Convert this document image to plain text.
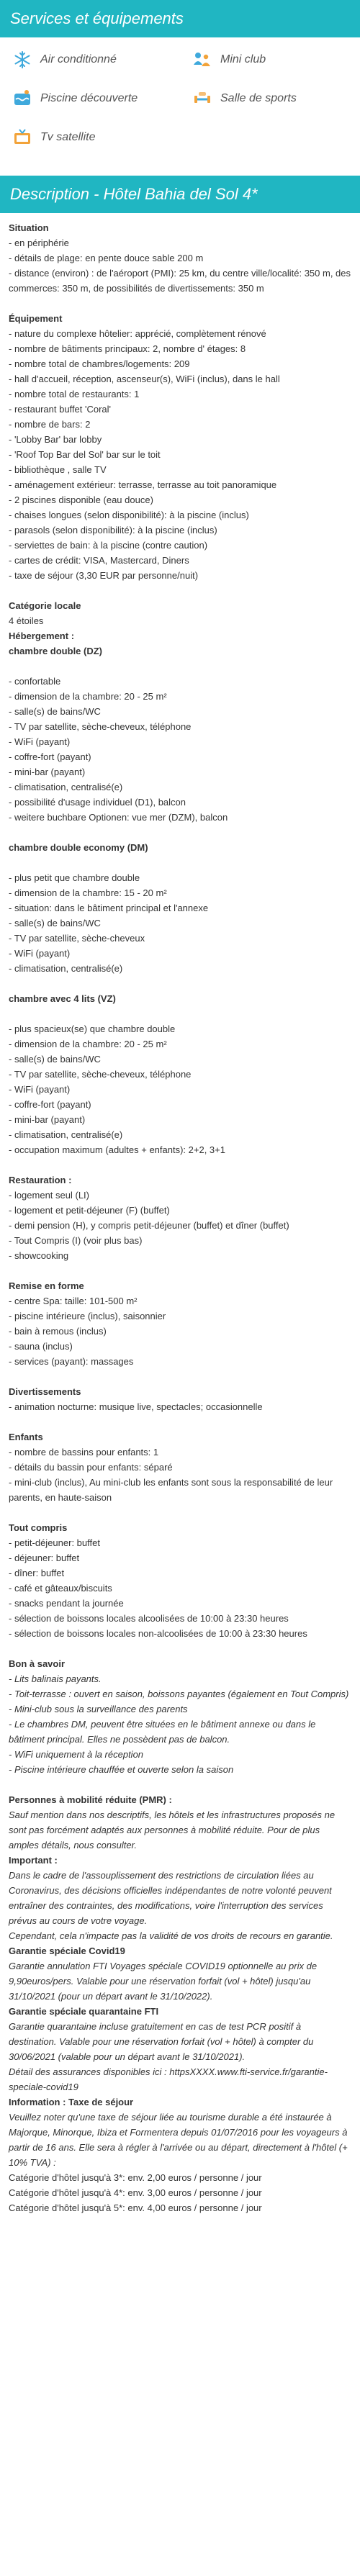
Services et équipements
Air conditionné	Mini club
Piscine découverte	Salle de sports
Tv satellite
Description - Hôtel Bahia del Sol 4*

Situation

- en périphérie

- détails de plage: en pente douce sable 200 m

- distance (environ) : de l'aéroport (PMI): 25 km, du centre ville/localité: 350 m, des commerces: 350 m, de possibilités de divertissements: 350 m

Équipement

- nature du complexe hôtelier: apprécié, complètement rénové

- nombre de bâtiments principaux: 2, nombre d' étages: 8

- nombre total de chambres/logements: 209

- hall d'accueil, réception, ascenseur(s), WiFi (inclus), dans le hall

- nombre total de restaurants: 1

- restaurant buffet 'Coral'

- nombre de bars: 2

- 'Lobby Bar' bar lobby

- 'Roof Top Bar del Sol' bar sur le toit

- bibliothèque , salle TV

- aménagement extérieur: terrasse, terrasse au toit panoramique

- 2 piscines disponible (eau douce)

- chaises longues (selon disponibilité): à la piscine (inclus)

- parasols (selon disponibilité): à la piscine (inclus)

- serviettes de bain: à la piscine (contre caution)

- cartes de crédit: VISA, Mastercard, Diners

- taxe de séjour (3,30 EUR par personne/nuit)

Catégorie locale

4 étoiles

Hébergement :

chambre double (DZ)

- confortable

- dimension de la chambre: 20 - 25 m²

- salle(s) de bains/WC

- TV par satellite, sèche-cheveux, téléphone

- WiFi (payant)

- coffre-fort (payant)

- mini-bar (payant)

- climatisation, centralisé(e)

- possibilité d'usage individuel (D1), balcon

- weitere buchbare Optionen: vue mer (DZM), balcon

chambre double economy (DM)

- plus petit que chambre double

- dimension de la chambre: 15 - 20 m²

- situation: dans le bâtiment principal et l'annexe

- salle(s) de bains/WC

- TV par satellite, sèche-cheveux

- WiFi (payant)

- climatisation, centralisé(e)

chambre avec 4 lits (VZ)

- plus spacieux(se) que chambre double

- dimension de la chambre: 20 - 25 m²

- salle(s) de bains/WC

- TV par satellite, sèche-cheveux, téléphone

- WiFi (payant)

- coffre-fort (payant)

- mini-bar (payant)

- climatisation, centralisé(e)

- occupation maximum (adultes + enfants): 2+2, 3+1

Restauration :

- logement seul (LI)

- logement et petit-déjeuner (F) (buffet)

- demi pension (H), y compris petit-déjeuner (buffet) et dîner (buffet)

- Tout Compris (I) (voir plus bas)

- showcooking

Remise en forme

- centre Spa: taille: 101-500 m²

- piscine intérieure (inclus), saisonnier

- bain à remous (inclus)

- sauna (inclus)

- services (payant): massages

Divertissements

- animation nocturne: musique live, spectacles; occasionnelle

Enfants

- nombre de bassins pour enfants: 1

- détails du bassin pour enfants: séparé

- mini-club (inclus), Au mini-club les enfants sont sous la responsabilité de leur parents, en haute-saison

Tout compris

- petit-déjeuner: buffet

- déjeuner: buffet

- dîner: buffet

- café et gâteaux/biscuits

- snacks pendant la journée

- sélection de boissons locales alcoolisées de 10:00 à 23:30 heures

- sélection de boissons locales non-alcoolisées de 10:00 à 23:30 heures

Bon à savoir

- Lits balinais payants.

- Toit-terrasse : ouvert en saison, boissons payantes (également en Tout Compris)

- Mini-club sous la surveillance des parents

- Le chambres DM, peuvent être situées en le bâtiment annexe ou dans le bâtiment principal. Elles ne possèdent pas de balcon.

- WiFi uniquement à la réception

- Piscine intérieure chauffée et ouverte selon la saison

Personnes à mobilité réduite (PMR) :

Sauf mention dans nos descriptifs, les hôtels et les infrastructures proposés ne sont pas forcément adaptés aux personnes à mobilité réduite. Pour de plus amples détails, nous consulter.

Important :

Dans le cadre de l'assouplissement des restrictions de circulation liées au Coronavirus, des décisions officielles indépendantes de notre volonté peuvent entraîner des contraintes, des modifications, voire l'interruption des services prévus au cours de votre voyage.

Cependant, cela n'impacte pas la validité de vos droits de recours en garantie.

Garantie spéciale Covid19

Garantie annulation FTI Voyages spéciale COVID19 optionnelle au prix de 9,90euros/pers. Valable pour une réservation forfait (vol + hôtel) jusqu'au 31/10/2021 (pour un départ avant le 31/10/2022).

Garantie spéciale quarantaine FTI

Garantie quarantaine incluse gratuitement en cas de test PCR positif à destination. Valable pour une réservation forfait (vol + hôtel) à compter du 30/06/2021 (valable pour un départ avant le 31/10/2021).

Détail des assurances disponibles ici : httpsXXXX.www.fti-service.fr/garantie-speciale-covid19

Information : Taxe de séjour

Veuillez noter qu'une taxe de séjour liée au tourisme durable a été instaurée à Majorque, Minorque, Ibiza et Formentera depuis 01/07/2016 pour les voyageurs à partir de 16 ans. Elle sera à régler à l'arrivée ou au départ, directement à l'hôtel (+ 10% TVA) :

Catégorie d'hôtel jusqu'à 3*: env. 2,00 euros / personne / jour

Catégorie d'hôtel jusqu'à 4*: env. 3,00 euros / personne / jour

Catégorie d'hôtel jusqu'à 5*: env. 4,00 euros / personne / jour
